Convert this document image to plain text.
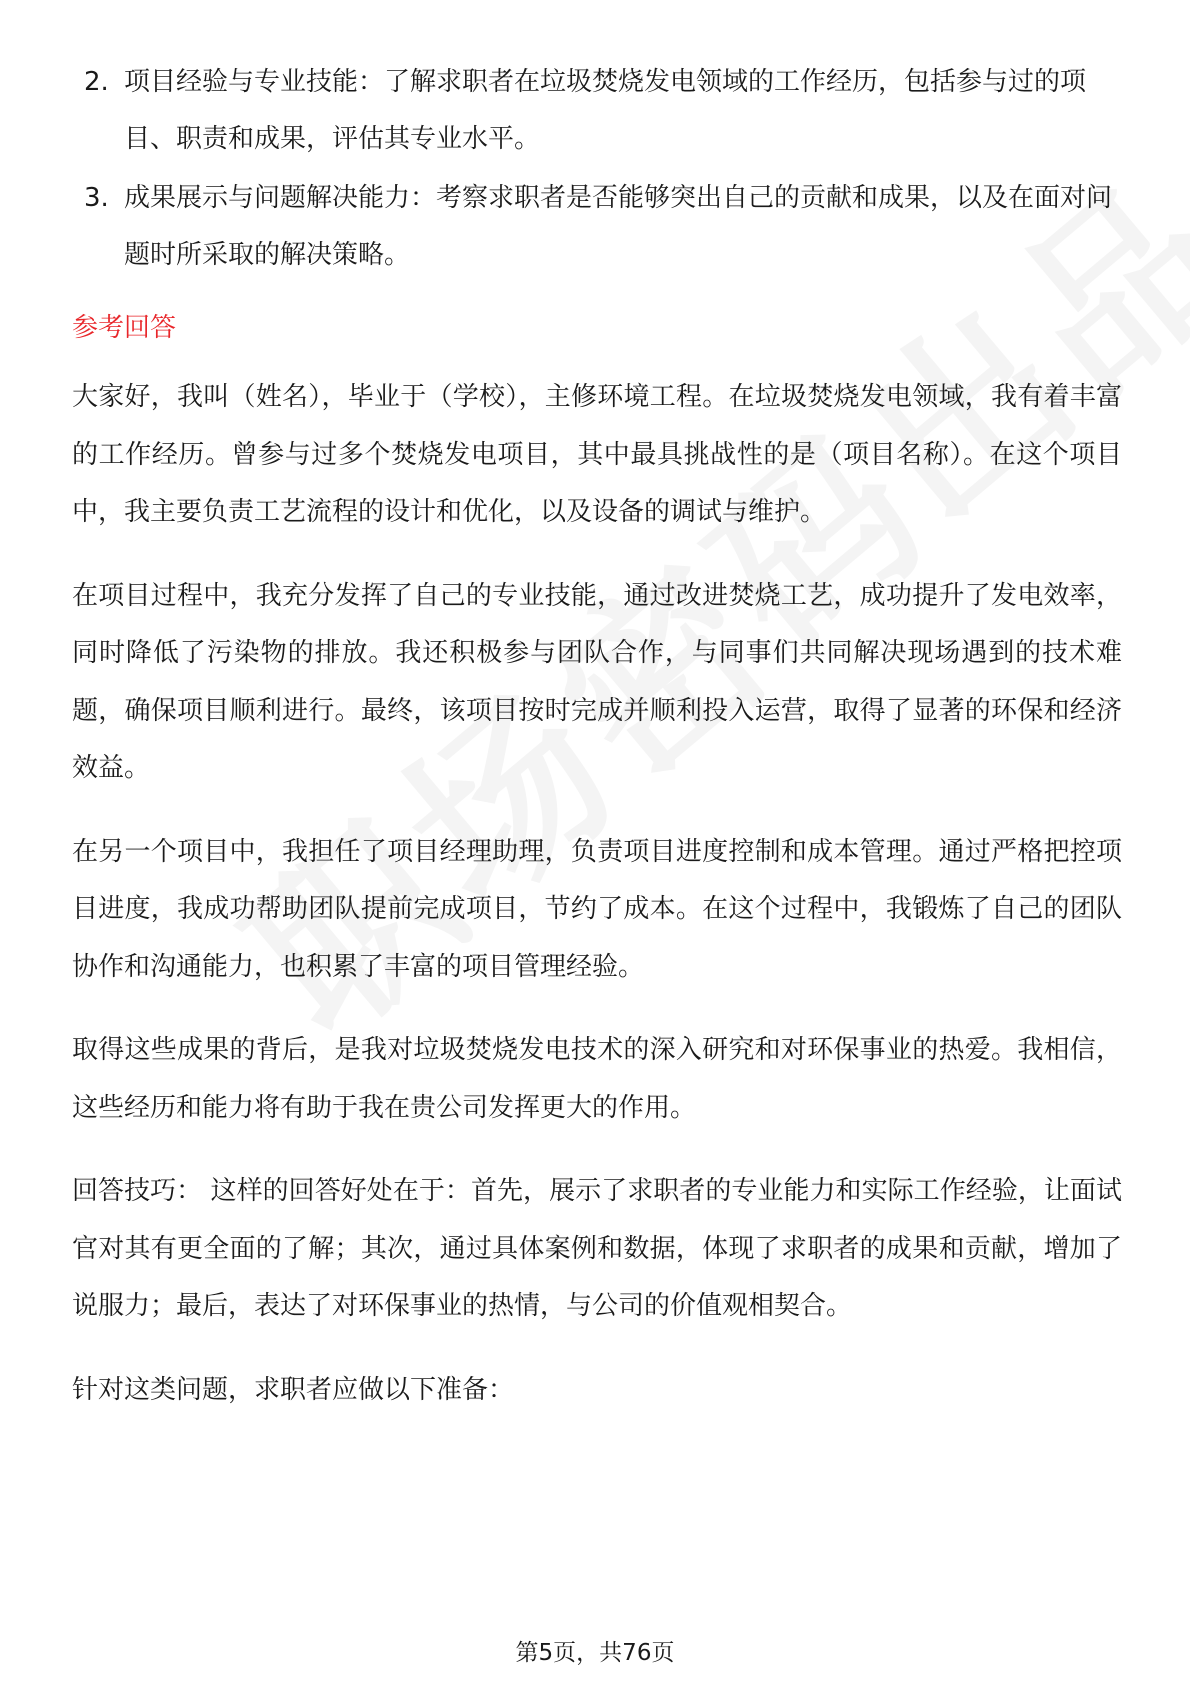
2. 项目经验与专业技能：了解求职者在垃圾焚烧发电领域的工作经历，包括参与过的项目、职责和成果，评估其专业水平。
3. 成果展示与问题解决能力：考察求职者是否能够突出自己的贡献和成果，以及在面对问题时所采取的解决策略。
参考回答

大家好，我叫（姓名），毕业于（学校），主修环境工程。在垃圾焚烧发电领域，我有着丰富的工作经历。曾参与过多个焚烧发电项目，其中最具挑战性的是（项目名称）。在这个项目中，我主要负责工艺流程的设计和优化，以及设备的调试与维护。

在项目过程中，我充分发挥了自己的专业技能，通过改进焚烧工艺，成功提升了发电效率，同时降低了污染物的排放。我还积极参与团队合作，与同事们共同解决现场遇到的技术难题，确保项目顺利进行。最终，该项目按时完成并顺利投入运营，取得了显著的环保和经济效益。

在另一个项目中，我担任了项目经理助理，负责项目进度控制和成本管理。通过严格把控项目进度，我成功帮助团队提前完成项目，节约了成本。在这个过程中，我锻炼了自己的团队协作和沟通能力，也积累了丰富的项目管理经验。

取得这些成果的背后，是我对垃圾焚烧发电技术的深入研究和对环保事业的热爱。我相信，这些经历和能力将有助于我在贵公司发挥更大的作用。

回答技巧： 这样的回答好处在于：首先，展示了求职者的专业能力和实际工作经验，让面试官对其有更全面的了解；其次，通过具体案例和数据，体现了求职者的成果和贡献，增加了说服力；最后，表达了对环保事业的热情，与公司的价值观相契合。

针对这类问题，求职者应做以下准备：

第5页，共76页
